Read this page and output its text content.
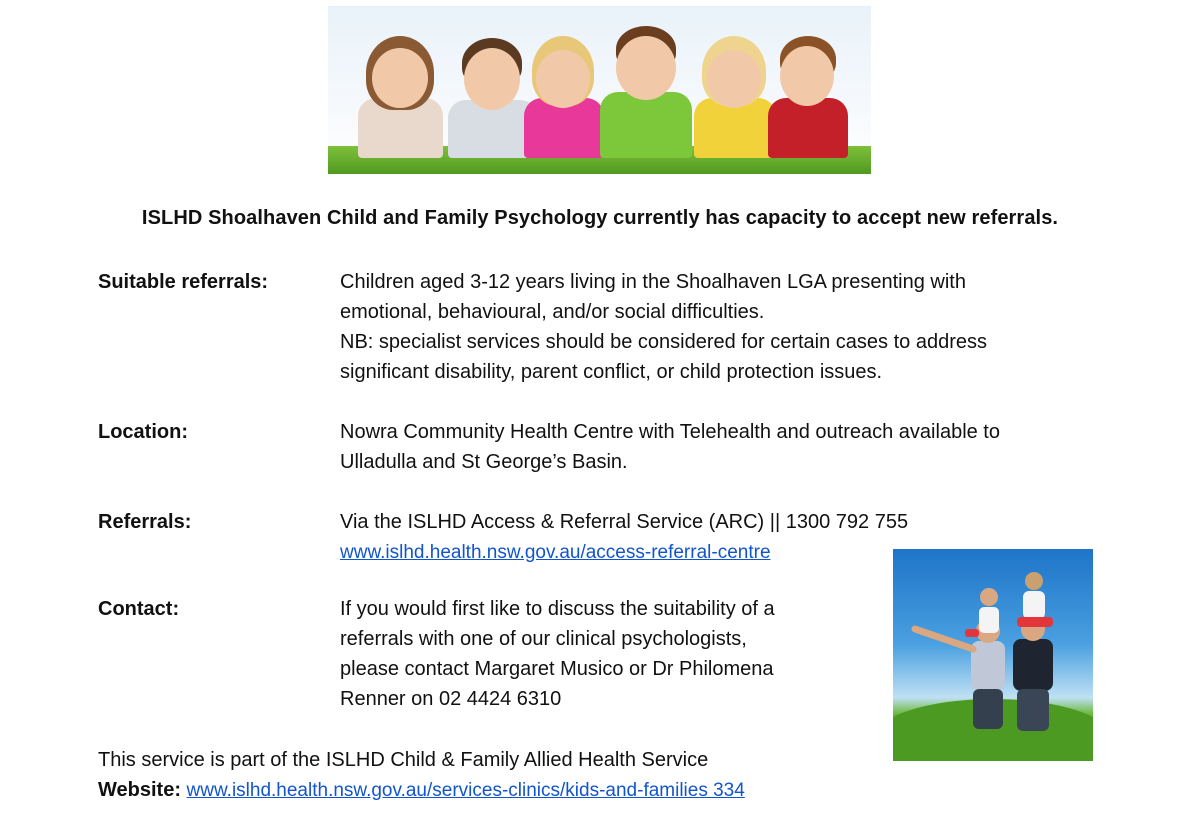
ISLHD Shoalhaven Child and Family Psychology currently has capacity to accept new referrals.
Suitable referrals:	Children aged 3-12 years living in the Shoalhaven LGA presenting with
emotional, behavioural, and/or social difficulties.
NB: specialist services should be considered for certain cases to address
significant disability, parent conflict, or child protection issues.
Location:	Nowra Community Health Centre with Telehealth and outreach available to
Ulladulla and St George’s Basin.
Referrals:	Via the ISLHD Access & Referral Service (ARC) || 1300 792 755
www.islhd.health.nsw.gov.au/access-referral-centre
Contact:	If you would first like to discuss the suitability of a
referrals with one of our clinical psychologists,
please contact Margaret Musico or Dr Philomena
Renner on 02 4424 6310
This service is part of the ISLHD Child & Family Allied Health Service
Website: www.islhd.health.nsw.gov.au/services-clinics/kids-and-families 334
